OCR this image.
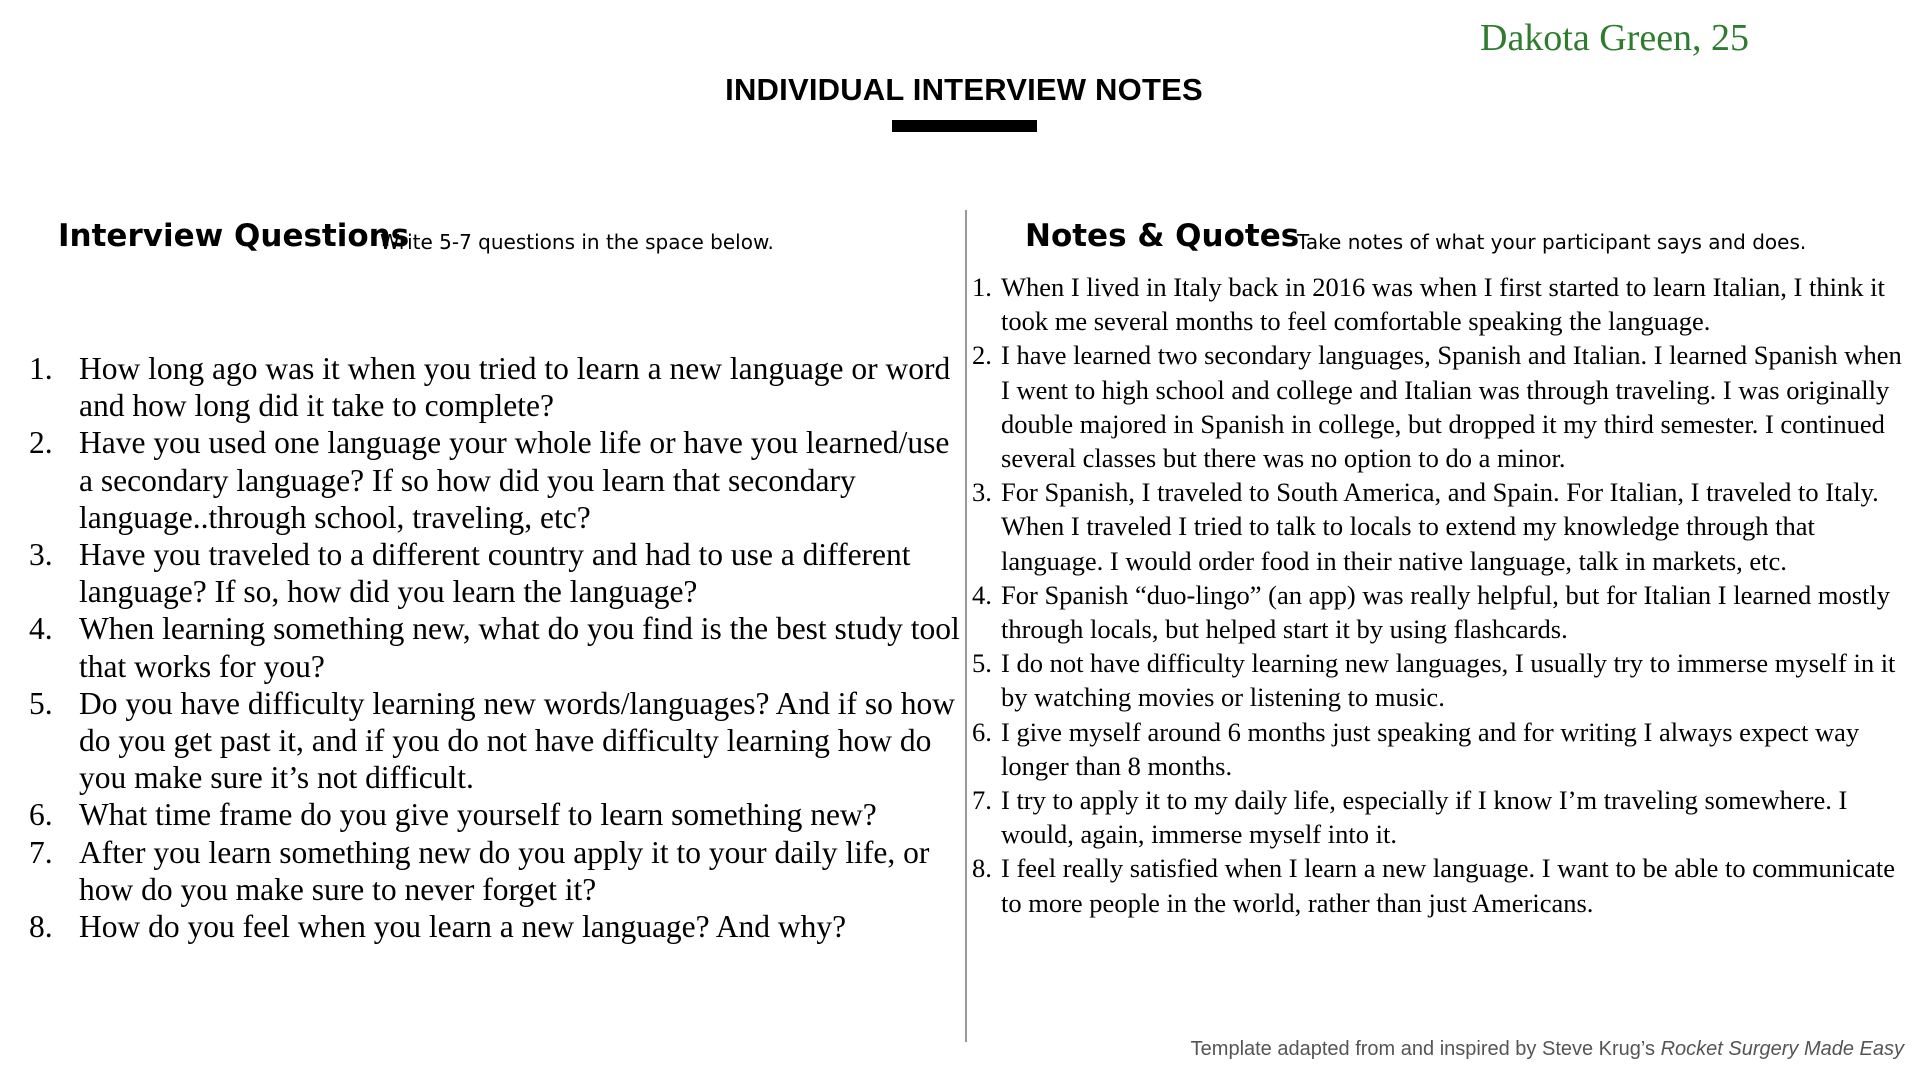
Dakota Green, 25
INDIVIDUAL INTERVIEW NOTES
Interview Questions
Write 5-7 questions in the space below.	Notes & Quotes
Take notes of what your participant says and does.
1. How long ago was it when you tried to learn a new language or word and how long did it take to complete?
2. Have you used one language your whole life or have you learned/use a secondary language? If so how did you learn that secondary language..through school, traveling, etc?
3. Have you traveled to a different country and had to use a different language? If so, how did you learn the language?
4. When learning something new, what do you find is the best study tool that works for you?
5. Do you have difficulty learning new words/languages? And if so how do you get past it, and if you do not have difficulty learning how do you make sure it’s not difficult.
6. What time frame do you give yourself to learn something new?
7. After you learn something new do you apply it to your daily life, or how do you make sure to never forget it?
8. How do you feel when you learn a new language? And why?
1. When I lived in Italy back in 2016 was when I first started to learn Italian, I think it took me several months to feel comfortable speaking the language.
2. I have learned two secondary languages, Spanish and Italian. I learned Spanish when I went to high school and college and Italian was through traveling. I was originally double majored in Spanish in college, but dropped it my third semester. I continued several classes but there was no option to do a minor.
3. For Spanish, I traveled to South America, and Spain. For Italian, I traveled to Italy. When I traveled I tried to talk to locals to extend my knowledge through that language. I would order food in their native language, talk in markets, etc.
4. For Spanish “duo-lingo” (an app) was really helpful, but for Italian I learned mostly through locals, but helped start it by using flashcards.
5. I do not have difficulty learning new languages, I usually try to immerse myself in it by watching movies or listening to music.
6. I give myself around 6 months just speaking and for writing I always expect way longer than 8 months.
7. I try to apply it to my daily life, especially if I know I’m traveling somewhere. I would, again, immerse myself into it.
8. I feel really satisfied when I learn a new language. I want to be able to communicate to more people in the world, rather than just Americans.
Template adapted from and inspired by Steve Krug’s Rocket Surgery Made Easy
